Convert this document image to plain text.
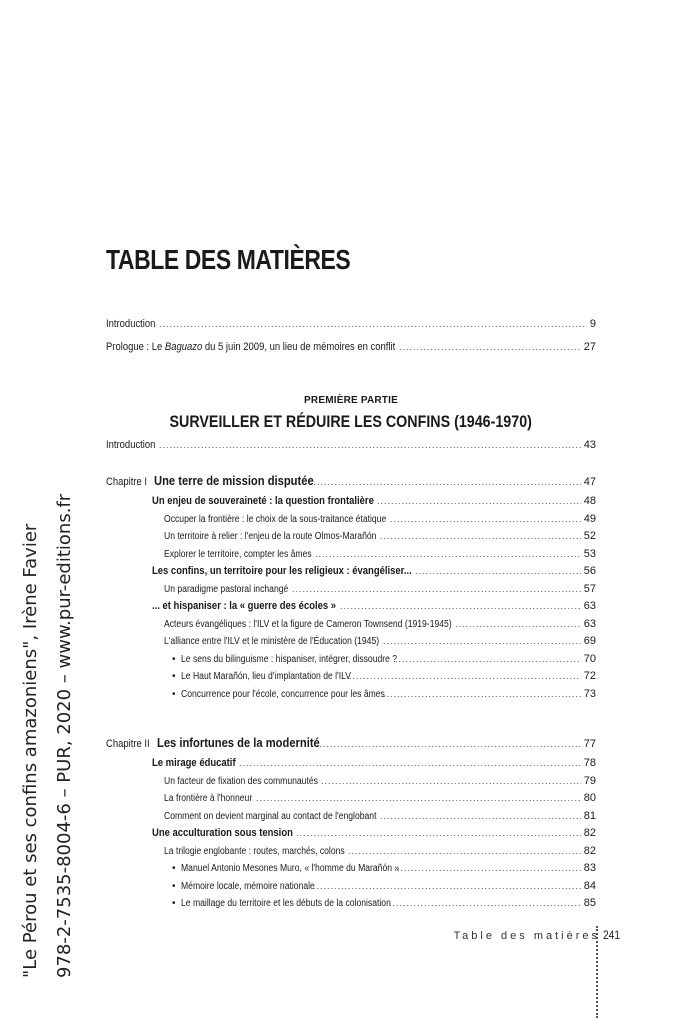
TABLE DES MATIÈRES
Introduction .....	9
Prologue : Le Baguazo du 5 juin 2009, un lieu de mémoires en conflit .....	27
PREMIÈRE PARTIE
SURVEILLER ET RÉDUIRE LES CONFINS (1946-1970)
Introduction .....	43
Chapitre IUne terre de mission disputée .....	47
Un enjeu de souveraineté : la question frontalière .....	48
Occuper la frontière : le choix de la sous-traitance étatique .....	49
Un territoire à relier : l'enjeu de la route Olmos-Marañón .....	52
Explorer le territoire, compter les âmes .....	53
Les confins, un territoire pour les religieux : évangéliser... .....	56
Un paradigme pastoral inchangé .....	57
... et hispaniser : la « guerre des écoles » .....	63
Acteurs évangéliques : l'ILV et la figure de Cameron Townsend (1919-1945) .....	63
L'alliance entre l'ILV et le ministère de l'Éducation (1945) .....	69
• Le sens du bilinguisme : hispaniser, intégrer, dissoudre ? .....	70
• Le Haut Marañón, lieu d'implantation de l'ILV .....	72
• Concurrence pour l'école, concurrence pour les âmes .....	73
Chapitre IILes infortunes de la modernité .....	77
Le mirage éducatif .....	78
Un facteur de fixation des communautés .....	79
La frontière à l'honneur .....	80
Comment on devient marginal au contact de l'englobant .....	81
Une acculturation sous tension .....	82
La trilogie englobante : routes, marchés, colons .....	82
• Manuel Antonio Mesones Muro, « l'homme du Marañón » .....	83
• Mémoire locale, mémoire nationale .....	84
• Le maillage du territoire et les débuts de la colonisation .....	85
"Le Pérou et ses confins amazoniens", Irène Favier 978-2-7535-8004-6 – PUR, 2020 – www.pur-editions.fr	Table des matières 241
